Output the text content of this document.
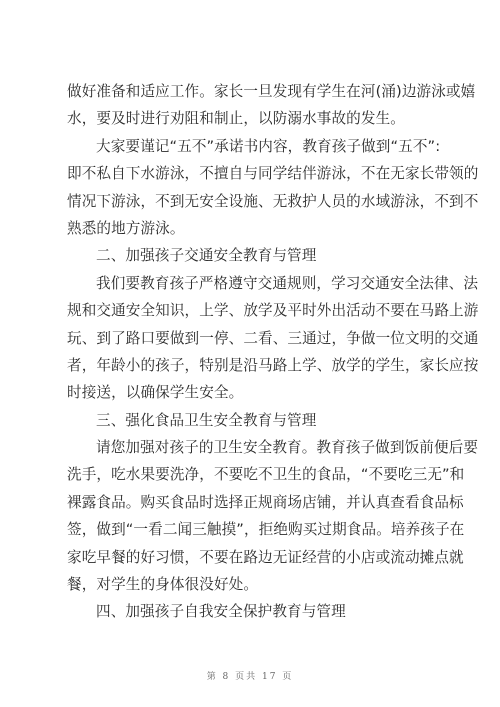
做好准备和适应工作。家长一旦发现有学生在河(涌)边游泳或嬉
水，要及时进行劝阻和制止，以防溺水事故的发生。
大家要谨记“五不”承诺书内容，教育孩子做到“五不”:
即不私自下水游泳，不擅自与同学结伴游泳，不在无家长带领的
情况下游泳，不到无安全设施、无救护人员的水域游泳，不到不
熟悉的地方游泳。
二、加强孩子交通安全教育与管理
我们要教育孩子严格遵守交通规则，学习交通安全法律、法
规和交通安全知识，上学、放学及平时外出活动不要在马路上游
玩、到了路口要做到一停、二看、三通过，争做一位文明的交通
者，年龄小的孩子，特别是沿马路上学、放学的学生，家长应按
时接送，以确保学生安全。
三、强化食品卫生安全教育与管理
请您加强对孩子的卫生安全教育。教育孩子做到饭前便后要
洗手，吃水果要洗净，不要吃不卫生的食品，“不要吃三无”和
裸露食品。购买食品时选择正规商场店铺，并认真查看食品标
签，做到“一看二闻三触摸”，拒绝购买过期食品。培养孩子在
家吃早餐的好习惯，不要在路边无证经营的小店或流动摊点就
餐，对学生的身体很没好处。
四、加强孩子自我安全保护教育与管理
第 8 页共 17 页
